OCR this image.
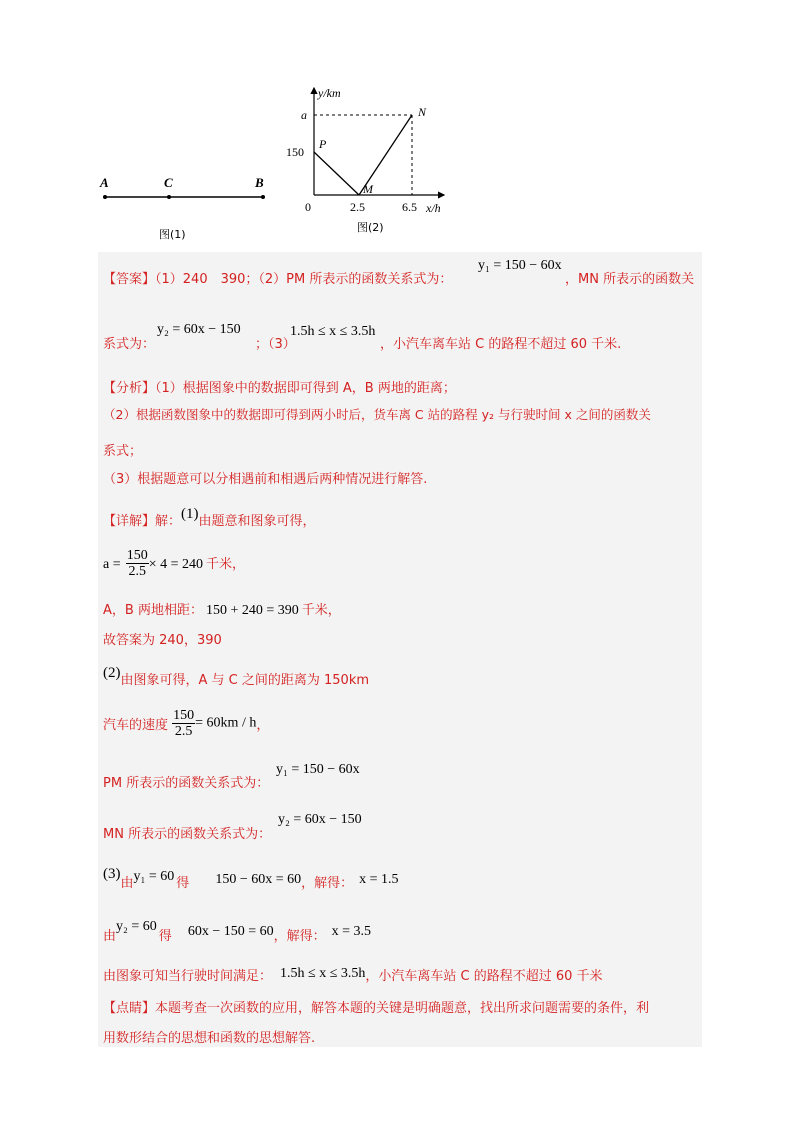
A	C	B
图(1)
y/km
x/h
a
150
0	2.5	6.5
P
M
N
图(2)
【答案】（1）240　390；（2）PM 所表示的函数关系式为：
y₁ = 150 − 60x
，MN 所表示的函数关
系式为：
y₂ = 60x − 150
；（3）
1.5h ≤ x ≤ 3.5h
，小汽车离车站 C 的路程不超过 60 千米.
【分析】（1）根据图象中的数据即可得到 A，B 两地的距离；
（2）根据函数图象中的数据即可得到两小时后，货车离 C 站的路程 y₂ 与行驶时间 x 之间的函数关
系式；
（3）根据题意可以分相遇前和相遇后两种情况进行解答.
【详解】解：(1)由题意和图象可得，
$a = \frac{150}{2.5} \times 4 = 240$ 千米，
A，B 两地相距： 150 + 240 = 390 千米，
故答案为 240，390
(2)由图象可得，A 与 C 之间的距离为 150km
汽车的速度 $\frac{150}{2.5} = 60km / h$，
PM 所表示的函数关系式为：
y₁ = 150 − 60x
MN 所表示的函数关系式为：
y₂ = 60x − 150
(3)由y₁ = 60 得 150 − 60x = 60，解得： x = 1.5
由y₂ = 60得 60x − 150 = 60，解得： x = 3.5
由图象可知当行驶时间满足： 1.5h ≤ x ≤ 3.5h，小汽车离车站 C 的路程不超过 60 千米
【点睛】本题考查一次函数的应用，解答本题的关键是明确题意，找出所求问题需要的条件，利
用数形结合的思想和函数的思想解答.
